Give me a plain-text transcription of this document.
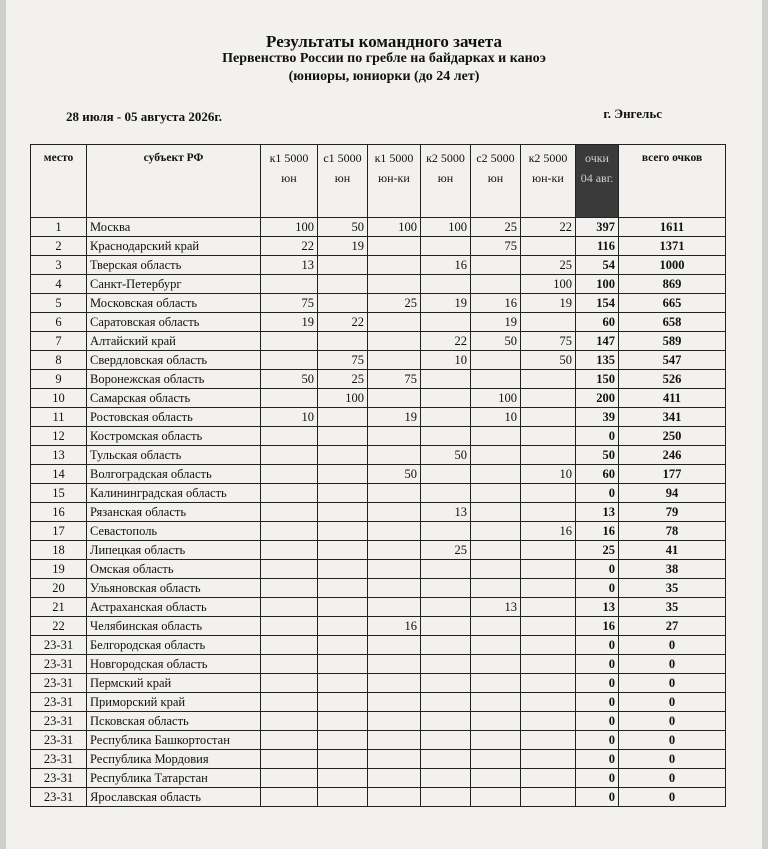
Результаты командного зачета
Первенство России по гребле на байдарках и каноэ
(юниоры, юниорки (до 24 лет)
28 июля - 05 августа 2026г.	г. Энгельс
место	субъект РФ	к1 5000 юн	с1 5000 юн	к1 5000 юн-ки	к2 5000 юн	с2 5000 юн	к2 5000 юн-ки	очки 04 авг.	всего очков
1	Москва	100	50	100	100	25	22	397	1611
2	Краснодарский край	22	19			75		116	1371
3	Тверская область	13			16		25	54	1000
4	Санкт-Петербург						100	100	869
5	Московская область	75		25	19	16	19	154	665
6	Саратовская область	19	22			19		60	658
7	Алтайский край				22	50	75	147	589
8	Свердловская область		75		10		50	135	547
9	Воронежская область	50	25	75				150	526
10	Самарская область		100			100		200	411
11	Ростовская область	10		19		10		39	341
12	Костромская область							0	250
13	Тульская область				50			50	246
14	Волгоградская область			50			10	60	177
15	Калининградская область							0	94
16	Рязанская область				13			13	79
17	Севастополь						16	16	78
18	Липецкая область				25			25	41
19	Омская область							0	38
20	Ульяновская область							0	35
21	Астраханская область					13		13	35
22	Челябинская область			16				16	27
23-31	Белгородская область							0	0
23-31	Новгородская область							0	0
23-31	Пермский край							0	0
23-31	Приморский край							0	0
23-31	Псковская область							0	0
23-31	Республика Башкортостан							0	0
23-31	Республика Мордовия							0	0
23-31	Республика Татарстан							0	0
23-31	Ярославская область							0	0
